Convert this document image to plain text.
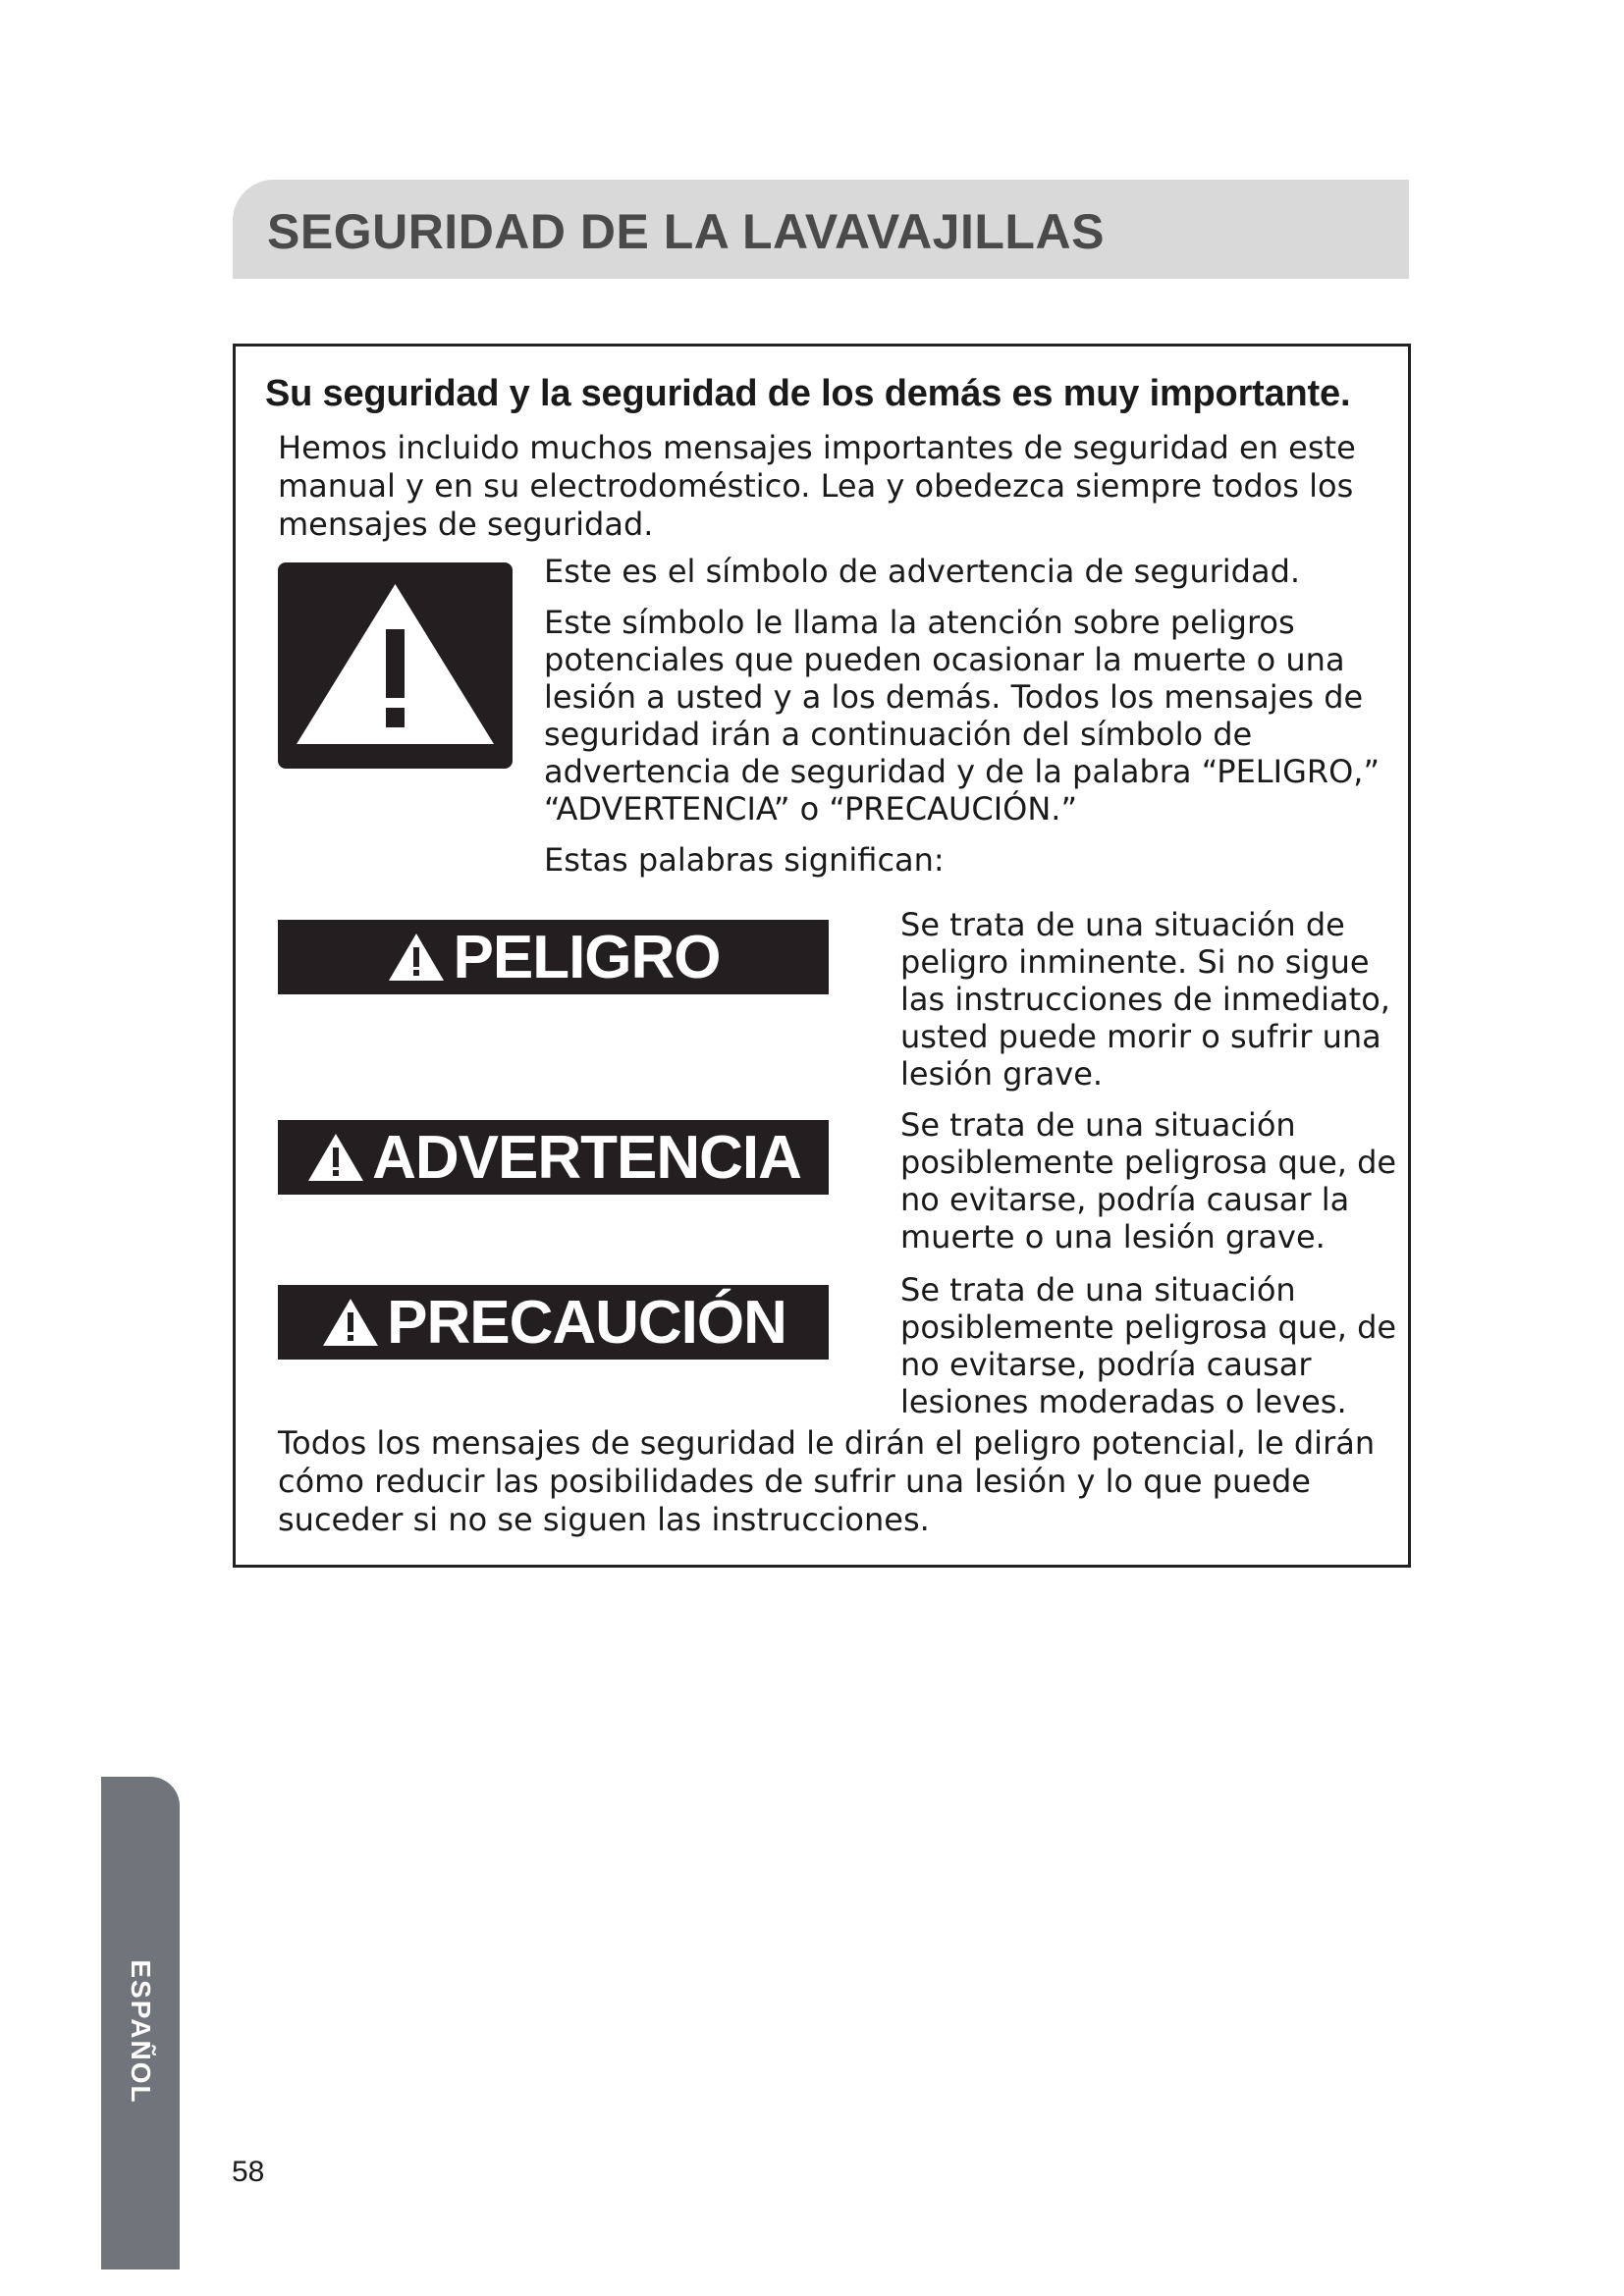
SEGURIDAD DE LA LAVAVAJILLAS
Su seguridad y la seguridad de los demás es muy importante.

Hemos incluido muchos mensajes importantes de seguridad en este manual y en su electrodoméstico. Lea y obedezca siempre todos los mensajes de seguridad.

Este es el símbolo de advertencia de seguridad.

Este símbolo le llama la atención sobre peligros potenciales que pueden ocasionar la muerte o una lesión a usted y a los demás. Todos los mensajes de seguridad irán a continuación del símbolo de advertencia de seguridad y de la palabra “PELIGRO,” “ADVERTENCIA” o “PRECAUCIÓN.”

Estas palabras significan:

PELIGRO	Se trata de una situación de peligro inminente. Si no sigue las instrucciones de inmediato, usted puede morir o sufrir una lesión grave.

ADVERTENCIA	Se trata de una situación posiblemente peligrosa que, de no evitarse, podría causar la muerte o una lesión grave.

PRECAUCIÓN	Se trata de una situación posiblemente peligrosa que, de no evitarse, podría causar lesiones moderadas o leves.

Todos los mensajes de seguridad le dirán el peligro potencial, le dirán cómo reducir las posibilidades de sufrir una lesión y lo que puede suceder si no se siguen las instrucciones.

ESPAÑOL

58
